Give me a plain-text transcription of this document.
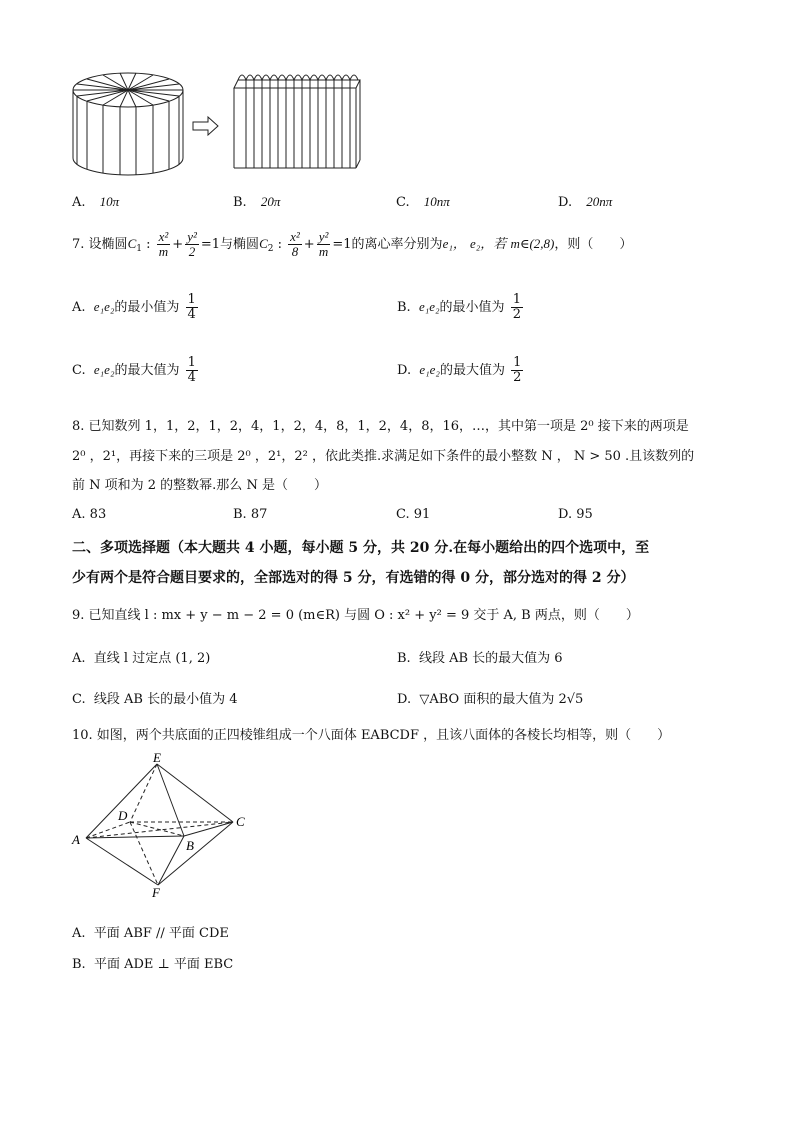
A. 10π	B. 20π	C. 10nπ	D. 20nπ
7. 设椭圆$C_1$ : $\frac{\text{x²}}{m} + \frac{\text{y²}}{2} =1$与椭圆$C_2$ : $\frac{\text{x²}}{8} + \frac{\text{y²}}{m} =1$的离心率分别为e₁， e₂，若 m∈(2,8)，则（　　）
A. e₁e₂的最小值为 $\frac{1}{4}$	B. e₁e₂的最小值为 $\frac{1}{2}$
C. e₁e₂的最大值为 $\frac{1}{4}$	D. e₁e₂的最大值为 $\frac{1}{2}$
8. 已知数列 1，1，2，1，2，4，1，2，4，8，1，2，4，8，16，…，其中第一项是 2⁰ 接下来的两项是
2⁰ ，2¹，再接下来的三项是 2⁰ ，2¹，2² ，依此类推.求满足如下条件的最小整数 N ， N > 50 .且该数列的
前 N 项和为 2 的整数幂.那么 N 是（　　）
A. 83	B. 87	C. 91	D. 95
二、多项选择题（本大题共 4 小题，每小题 5 分，共 20 分.在每小题给出的四个选项中，至
少有两个是符合题目要求的，全部选对的得 5 分，有选错的得 0 分，部分选对的得 2 分）
9. 已知直线 l : mx + y − m − 2 = 0 (m∈R) 与圆 O : x² + y² = 9 交于 A, B 两点，则（　　）
A. 直线 l 过定点 (1, 2)	B. 线段 AB 长的最大值为 6
C. 线段 AB 长的最小值为 4	D. ▽ABO 面积的最大值为 2√5
10. 如图，两个共底面的正四棱锥组成一个八面体 EABCDF ，且该八面体的各棱长均相等，则（　　）
E
D	C
A	B
F
A. 平面 ABF // 平面 CDE
B. 平面 ADE ⊥ 平面 EBC
